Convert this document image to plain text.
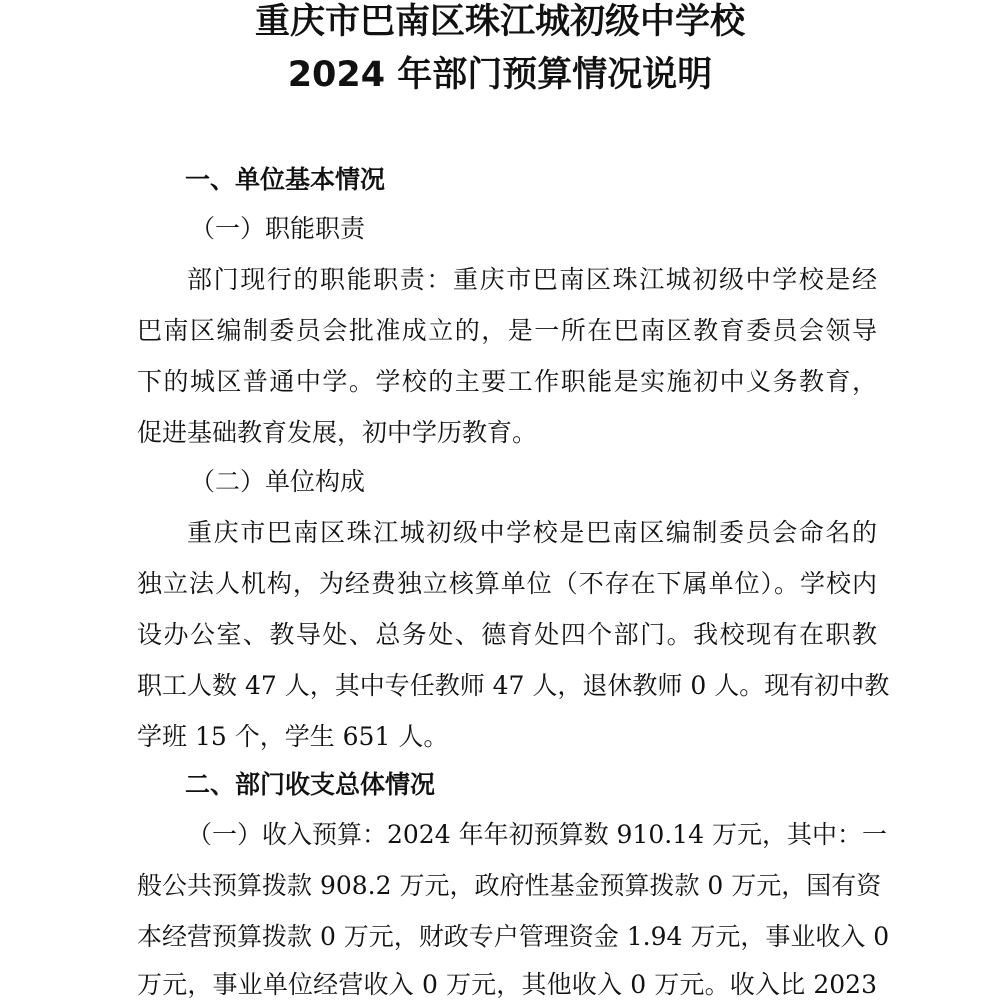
重庆市巴南区珠江城初级中学校
2024 年部门预算情况说明
一、单位基本情况
（一）职能职责
部门现行的职能职责：重庆市巴南区珠江城初级中学校是经
巴南区编制委员会批准成立的，是一所在巴南区教育委员会领导
下的城区普通中学。学校的主要工作职能是实施初中义务教育，
促进基础教育发展，初中学历教育。
（二）单位构成
重庆市巴南区珠江城初级中学校是巴南区编制委员会命名的
独立法人机构，为经费独立核算单位（不存在下属单位）。学校内
设办公室、教导处、总务处、德育处四个部门。我校现有在职教
职工人数 47 人，其中专任教师 47 人，退休教师 0 人。现有初中教
学班 15 个，学生 651 人。
二、部门收支总体情况
（一）收入预算：2024 年年初预算数 910.14 万元，其中：一
般公共预算拨款 908.2 万元，政府性基金预算拨款 0 万元，国有资
本经营预算拨款 0 万元，财政专户管理资金 1.94 万元，事业收入 0
万元，事业单位经营收入 0 万元，其他收入 0 万元。收入比 2023
